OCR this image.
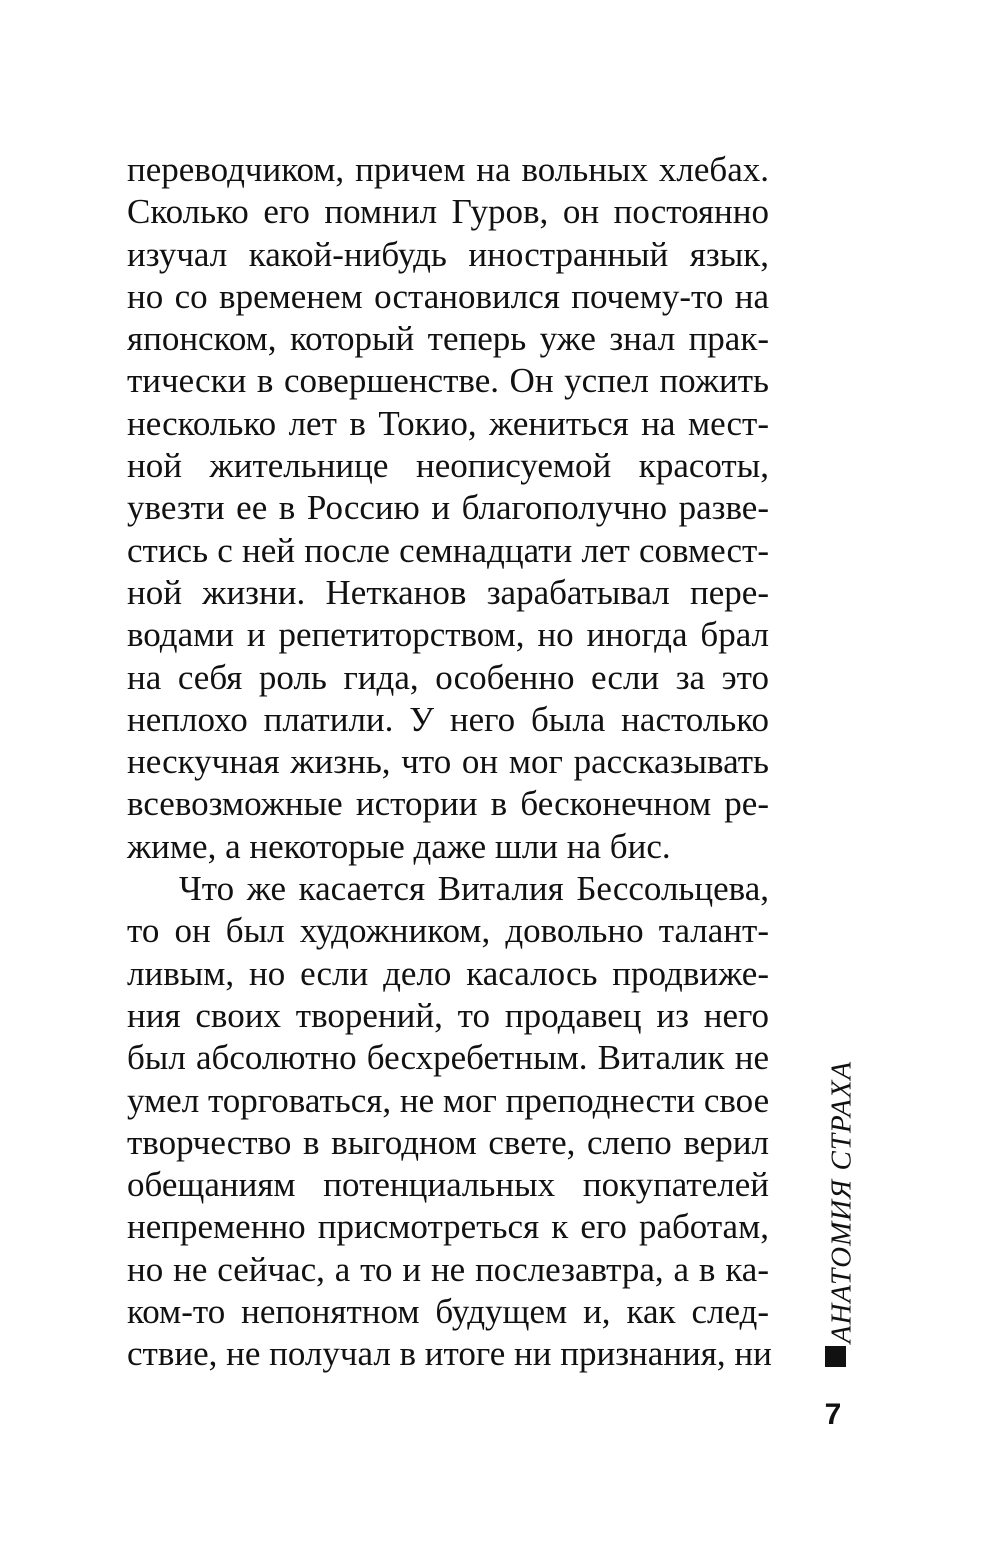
переводчиком, причем на вольных хлебах.
Сколько его помнил Гуров, он постоянно
изучал какой-нибудь иностранный язык,
но со временем остановился почему-то на
японском, который теперь уже знал прак-
тически в совершенстве. Он успел пожить
несколько лет в Токио, жениться на мест-
ной жительнице неописуемой красоты,
увезти ее в Россию и благополучно разве-
стись с ней после семнадцати лет совмест-
ной жизни. Нетканов зарабатывал пере-
водами и репетиторством, но иногда брал
на себя роль гида, особенно если за это
неплохо платили. У него была настолько
нескучная жизнь, что он мог рассказывать
всевозможные истории в бесконечном ре-
жиме, а некоторые даже шли на бис.
Что же касается Виталия Бессольцева,
то он был художником, довольно талант-
ливым, но если дело касалось продвиже-
ния своих творений, то продавец из него
был абсолютно бесхребетным. Виталик не
умел торговаться, не мог преподнести свое
творчество в выгодном свете, слепо верил
обещаниям потенциальных покупателей
непременно присмотреться к его работам,
но не сейчас, а то и не послезавтра, а в ка-
ком-то непонятном будущем и, как след-
ствие, не получал в итоге ни признания, ни
АНАТОМИЯ СТРАХА
7
